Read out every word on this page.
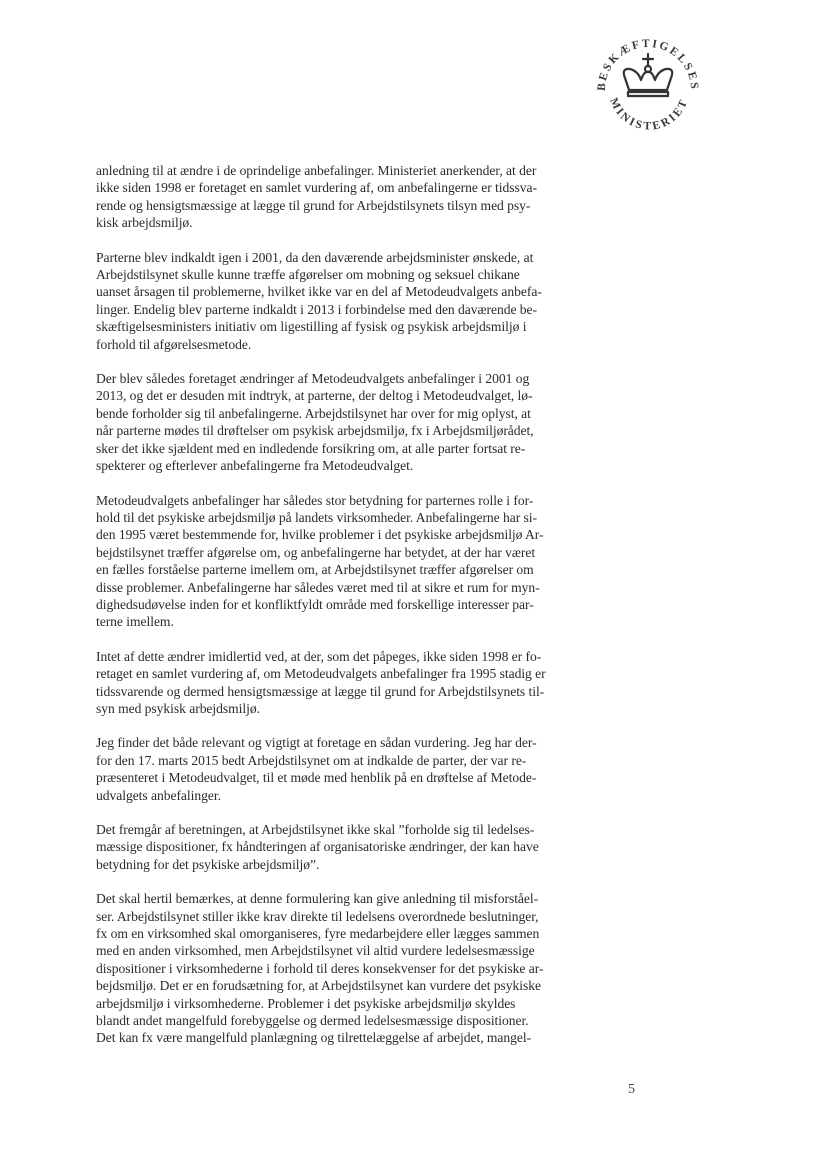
BESKÆFTIGELSES
MINISTERIET

anledning til at ændre i de oprindelige anbefalinger. Ministeriet anerkender, at der
ikke siden 1998 er foretaget en samlet vurdering af, om anbefalingerne er tidssva-
rende og hensigtsmæssige at lægge til grund for Arbejdstilsynets tilsyn med psy-
kisk arbejdsmiljø.

Parterne blev indkaldt igen i 2001, da den daværende arbejdsminister ønskede, at
Arbejdstilsynet skulle kunne træffe afgørelser om mobning og seksuel chikane
uanset årsagen til problemerne, hvilket ikke var en del af Metodeudvalgets anbefa-
linger. Endelig blev parterne indkaldt i 2013 i forbindelse med den daværende be-
skæftigelsesministers initiativ om ligestilling af fysisk og psykisk arbejdsmiljø i
forhold til afgørelsesmetode.

Der blev således foretaget ændringer af Metodeudvalgets anbefalinger i 2001 og
2013, og det er desuden mit indtryk, at parterne, der deltog i Metodeudvalget, lø-
bende forholder sig til anbefalingerne. Arbejdstilsynet har over for mig oplyst, at
når parterne mødes til drøftelser om psykisk arbejdsmiljø, fx i Arbejdsmiljørådet,
sker det ikke sjældent med en indledende forsikring om, at alle parter fortsat re-
spekterer og efterlever anbefalingerne fra Metodeudvalget.

Metodeudvalgets anbefalinger har således stor betydning for parternes rolle i for-
hold til det psykiske arbejdsmiljø på landets virksomheder. Anbefalingerne har si-
den 1995 været bestemmende for, hvilke problemer i det psykiske arbejdsmiljø Ar-
bejdstilsynet træffer afgørelse om, og anbefalingerne har betydet, at der har været
en fælles forståelse parterne imellem om, at Arbejdstilsynet træffer afgørelser om
disse problemer. Anbefalingerne har således været med til at sikre et rum for myn-
dighedsudøvelse inden for et konfliktfyldt område med forskellige interesser par-
terne imellem.

Intet af dette ændrer imidlertid ved, at der, som det påpeges, ikke siden 1998 er fo-
retaget en samlet vurdering af, om Metodeudvalgets anbefalinger fra 1995 stadig er
tidssvarende og dermed hensigtsmæssige at lægge til grund for Arbejdstilsynets til-
syn med psykisk arbejdsmiljø.

Jeg finder det både relevant og vigtigt at foretage en sådan vurdering. Jeg har der-
for den 17. marts 2015 bedt Arbejdstilsynet om at indkalde de parter, der var re-
præsenteret i Metodeudvalget, til et møde med henblik på en drøftelse af Metode-
udvalgets anbefalinger.

Det fremgår af beretningen, at Arbejdstilsynet ikke skal ”forholde sig til ledelses-
mæssige dispositioner, fx håndteringen af organisatoriske ændringer, der kan have
betydning for det psykiske arbejdsmiljø”.

Det skal hertil bemærkes, at denne formulering kan give anledning til misforståel-
ser. Arbejdstilsynet stiller ikke krav direkte til ledelsens overordnede beslutninger,
fx om en virksomhed skal omorganiseres, fyre medarbejdere eller lægges sammen
med en anden virksomhed, men Arbejdstilsynet vil altid vurdere ledelsesmæssige
dispositioner i virksomhederne i forhold til deres konsekvenser for det psykiske ar-
bejdsmiljø. Det er en forudsætning for, at Arbejdstilsynet kan vurdere det psykiske
arbejdsmiljø i virksomhederne. Problemer i det psykiske arbejdsmiljø skyldes
blandt andet mangelfuld forebyggelse og dermed ledelsesmæssige dispositioner.
Det kan fx være mangelfuld planlægning og tilrettelæggelse af arbejdet, mangel-

5
